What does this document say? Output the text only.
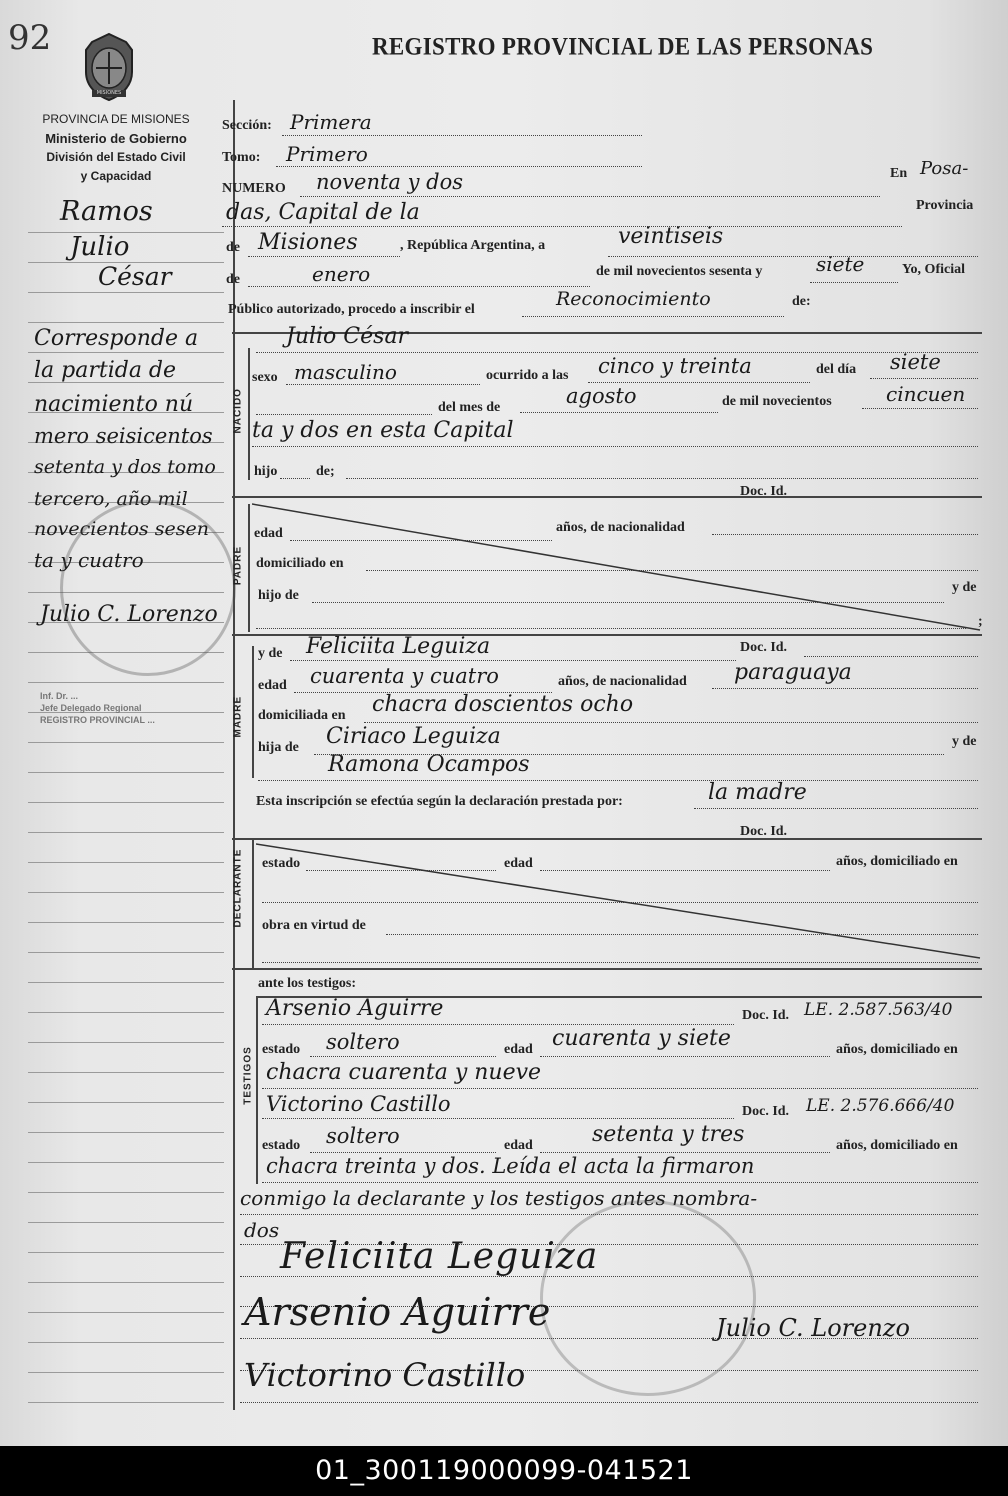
92
MISIONES
REGISTRO PROVINCIAL DE LAS PERSONAS
PROVINCIA DE MISIONES
Ministerio de Gobierno
División del Estado Civil
y Capacidad
Ramos
Julio
César
Corresponde a
la partida de
nacimiento nú
mero seisicentos
setenta y dos tomo
tercero, año mil
novecientos sesen
ta y cuatro
Julio C. Lorenzo
Inf. Dr. ...
Jefe Delegado Regional
REGISTRO PROVINCIAL ...
Sección: Primera
Tomo: Primero
NUMERO noventa y dos	En Posa-
das, Capital de la	Provincia
de Misiones	, República Argentina, a	veintiseis
de	enero	de mil novecientos sesenta y	siete	Yo, Oficial
Público autorizado, procedo a inscribir el	Reconocimiento	de:
NACIDO
Julio César
sexo masculino	ocurrido a las cinco y treinta	del día siete
del mes de	agosto	de mil novecientos	cincuen
ta y dos en esta Capital
hijo	de;
Doc. Id.
PADRE
edad	años, de nacionalidad
domiciliado en
hijo de
y de
;
y de Feliciita Leguiza	Doc. Id.
MADRE
edad cuarenta y cuatro	años, de nacionalidad paraguaya
domiciliada en chacra doscientos ocho
hija de Ciriaco Leguiza	y de
Ramona Ocampos
Esta inscripción se efectúa según la declaración prestada por:	la madre
Doc. Id.
DECLARANTE estado	edad	años, domiciliado en
obra en virtud de
ante los testigos:
TESTIGOS
Arsenio Aguirre	Doc. Id. LE. 2.587.563/40
estado soltero	edad cuarenta y siete	años, domiciliado en
chacra cuarenta y nueve
Victorino Castillo	Doc. Id. LE. 2.576.666/40
estado soltero	edad	setenta y tres	años, domiciliado en
chacra treinta y dos. Leída el acta la firmaron
conmigo la declarante y los testigos antes nombra-
dos
Feliciita Leguiza
Arsenio Aguirre	Julio C. Lorenzo
Victorino Castillo
01_300119000099-041521
